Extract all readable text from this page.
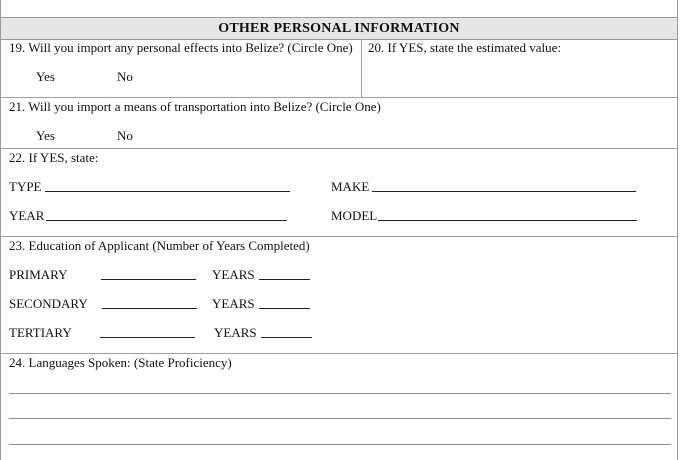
OTHER PERSONAL INFORMATION
19. Will you import any personal effects into Belize? (Circle One) 20. If YES, state the estimated value:
Yes	No
21. Will you import a means of transportation into Belize? (Circle One)
Yes	No
22. If YES, state:
TYPE	MAKE
YEAR	MODEL
23. Education of Applicant (Number of Years Completed)
PRIMARY	YEARS
SECONDARY	YEARS
TERTIARY	YEARS
24. Languages Spoken: (State Proficiency)
